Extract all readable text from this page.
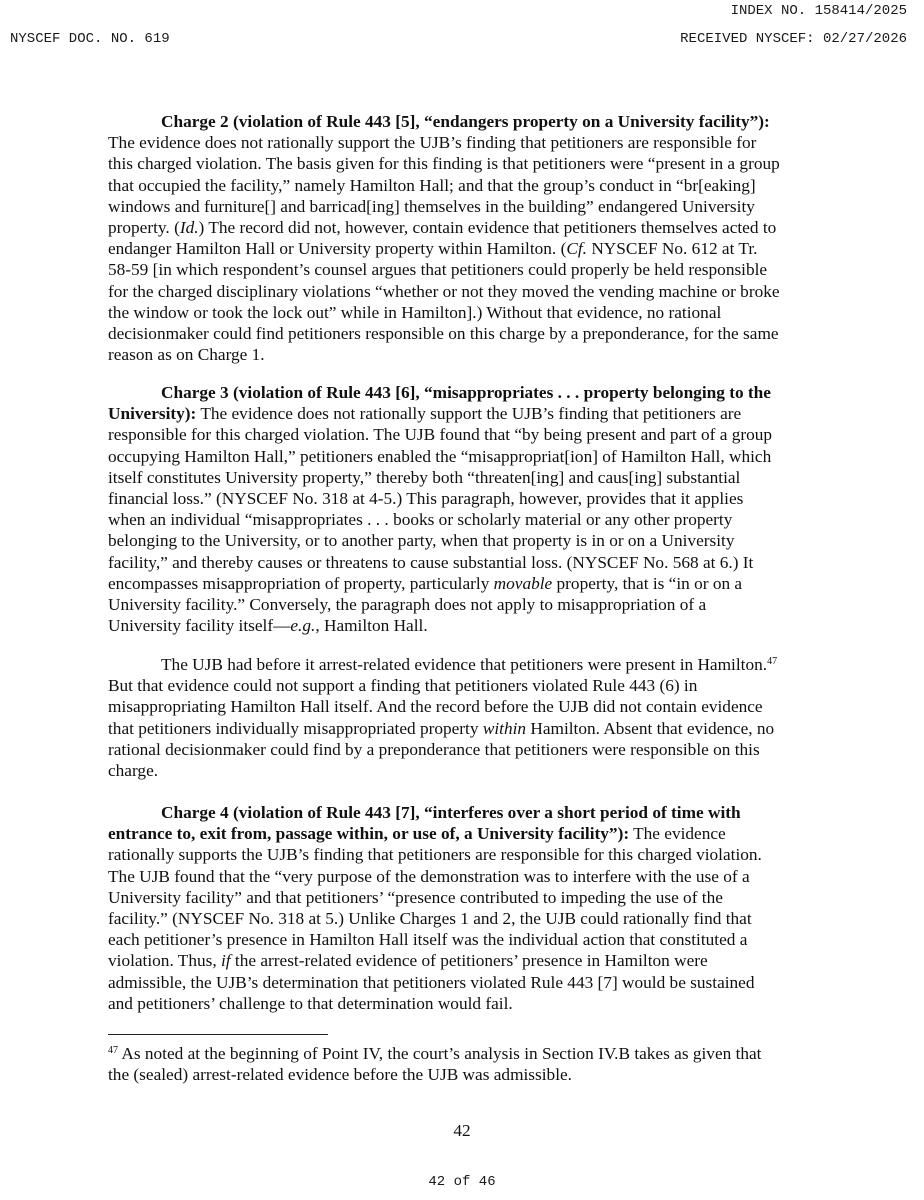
INDEX NO. 158414/2025
NYSCEF DOC. NO. 619	RECEIVED NYSCEF: 02/27/2026
Charge 2 (violation of Rule 443 [5], “endangers property on a University facility”):
The evidence does not rationally support the UJB’s finding that petitioners are responsible for
this charged violation. The basis given for this finding is that petitioners were “present in a group
that occupied the facility,” namely Hamilton Hall; and that the group’s conduct in “br[eaking]
windows and furniture[] and barricad[ing] themselves in the building” endangered University
property. (Id.) The record did not, however, contain evidence that petitioners themselves acted to
endanger Hamilton Hall or University property within Hamilton. (Cf. NYSCEF No. 612 at Tr.
58-59 [in which respondent’s counsel argues that petitioners could properly be held responsible
for the charged disciplinary violations “whether or not they moved the vending machine or broke
the window or took the lock out” while in Hamilton].) Without that evidence, no rational
decisionmaker could find petitioners responsible on this charge by a preponderance, for the same
reason as on Charge 1.
Charge 3 (violation of Rule 443 [6], “misappropriates . . . property belonging to the
University): The evidence does not rationally support the UJB’s finding that petitioners are
responsible for this charged violation. The UJB found that “by being present and part of a group
occupying Hamilton Hall,” petitioners enabled the “misappropriat[ion] of Hamilton Hall, which
itself constitutes University property,” thereby both “threaten[ing] and caus[ing] substantial
financial loss.” (NYSCEF No. 318 at 4-5.) This paragraph, however, provides that it applies
when an individual “misappropriates . . . books or scholarly material or any other property
belonging to the University, or to another party, when that property is in or on a University
facility,” and thereby causes or threatens to cause substantial loss. (NYSCEF No. 568 at 6.) It
encompasses misappropriation of property, particularly movable property, that is “in or on a
University facility.” Conversely, the paragraph does not apply to misappropriation of a
University facility itself—e.g., Hamilton Hall.
The UJB had before it arrest-related evidence that petitioners were present in Hamilton.$^{47}$
But that evidence could not support a finding that petitioners violated Rule 443 (6) in
misappropriating Hamilton Hall itself. And the record before the UJB did not contain evidence
that petitioners individually misappropriated property within Hamilton. Absent that evidence, no
rational decisionmaker could find by a preponderance that petitioners were responsible on this
charge.
Charge 4 (violation of Rule 443 [7], “interferes over a short period of time with
entrance to, exit from, passage within, or use of, a University facility”): The evidence
rationally supports the UJB’s finding that petitioners are responsible for this charged violation.
The UJB found that the “very purpose of the demonstration was to interfere with the use of a
University facility” and that petitioners’ “presence contributed to impeding the use of the
facility.” (NYSCEF No. 318 at 5.) Unlike Charges 1 and 2, the UJB could rationally find that
each petitioner’s presence in Hamilton Hall itself was the individual action that constituted a
violation. Thus, if the arrest-related evidence of petitioners’ presence in Hamilton were
admissible, the UJB’s determination that petitioners violated Rule 443 [7] would be sustained
and petitioners’ challenge to that determination would fail.
$^{47}$ As noted at the beginning of Point IV, the court’s analysis in Section IV.B takes as given that
the (sealed) arrest-related evidence before the UJB was admissible.
42
42 of 46
